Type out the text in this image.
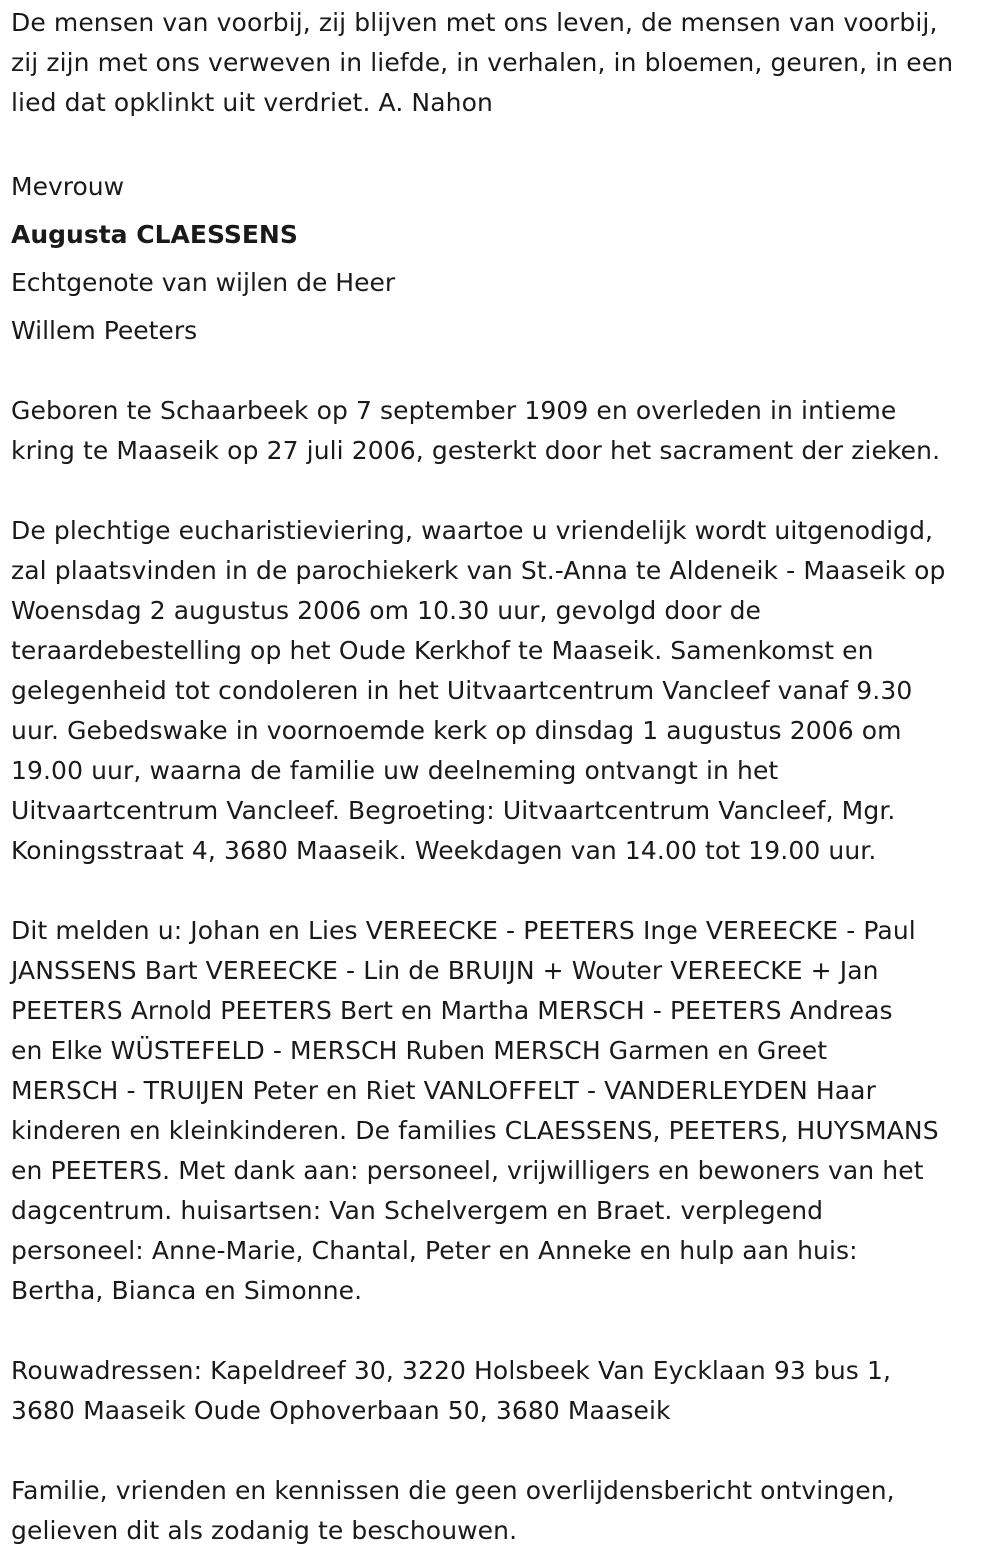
De mensen van voorbij, zij blijven met ons leven, de mensen van voorbij,
zij zijn met ons verweven in liefde, in verhalen, in bloemen, geuren, in een
lied dat opklinkt uit verdriet. A. Nahon

Mevrouw

Augusta CLAESSENS

Echtgenote van wijlen de Heer

Willem Peeters

Geboren te Schaarbeek op 7 september 1909 en overleden in intieme
kring te Maaseik op 27 juli 2006, gesterkt door het sacrament der zieken.

De plechtige eucharistieviering, waartoe u vriendelijk wordt uitgenodigd,
zal plaatsvinden in de parochiekerk van St.-Anna te Aldeneik - Maaseik op
Woensdag 2 augustus 2006 om 10.30 uur, gevolgd door de
teraardebestelling op het Oude Kerkhof te Maaseik. Samenkomst en
gelegenheid tot condoleren in het Uitvaartcentrum Vancleef vanaf 9.30
uur. Gebedswake in voornoemde kerk op dinsdag 1 augustus 2006 om
19.00 uur, waarna de familie uw deelneming ontvangt in het
Uitvaartcentrum Vancleef. Begroeting: Uitvaartcentrum Vancleef, Mgr.
Koningsstraat 4, 3680 Maaseik. Weekdagen van 14.00 tot 19.00 uur.

Dit melden u: Johan en Lies VEREECKE - PEETERS Inge VEREECKE - Paul
JANSSENS Bart VEREECKE - Lin de BRUIJN + Wouter VEREECKE + Jan
PEETERS Arnold PEETERS Bert en Martha MERSCH - PEETERS Andreas
en Elke WÜSTEFELD - MERSCH Ruben MERSCH Garmen en Greet
MERSCH - TRUIJEN Peter en Riet VANLOFFELT - VANDERLEYDEN Haar
kinderen en kleinkinderen. De families CLAESSENS, PEETERS, HUYSMANS
en PEETERS. Met dank aan: personeel, vrijwilligers en bewoners van het
dagcentrum. huisartsen: Van Schelvergem en Braet. verplegend
personeel: Anne-Marie, Chantal, Peter en Anneke en hulp aan huis:
Bertha, Bianca en Simonne.

Rouwadressen: Kapeldreef 30, 3220 Holsbeek Van Eycklaan 93 bus 1,
3680 Maaseik Oude Ophoverbaan 50, 3680 Maaseik

Familie, vrienden en kennissen die geen overlijdensbericht ontvingen,
gelieven dit als zodanig te beschouwen.
